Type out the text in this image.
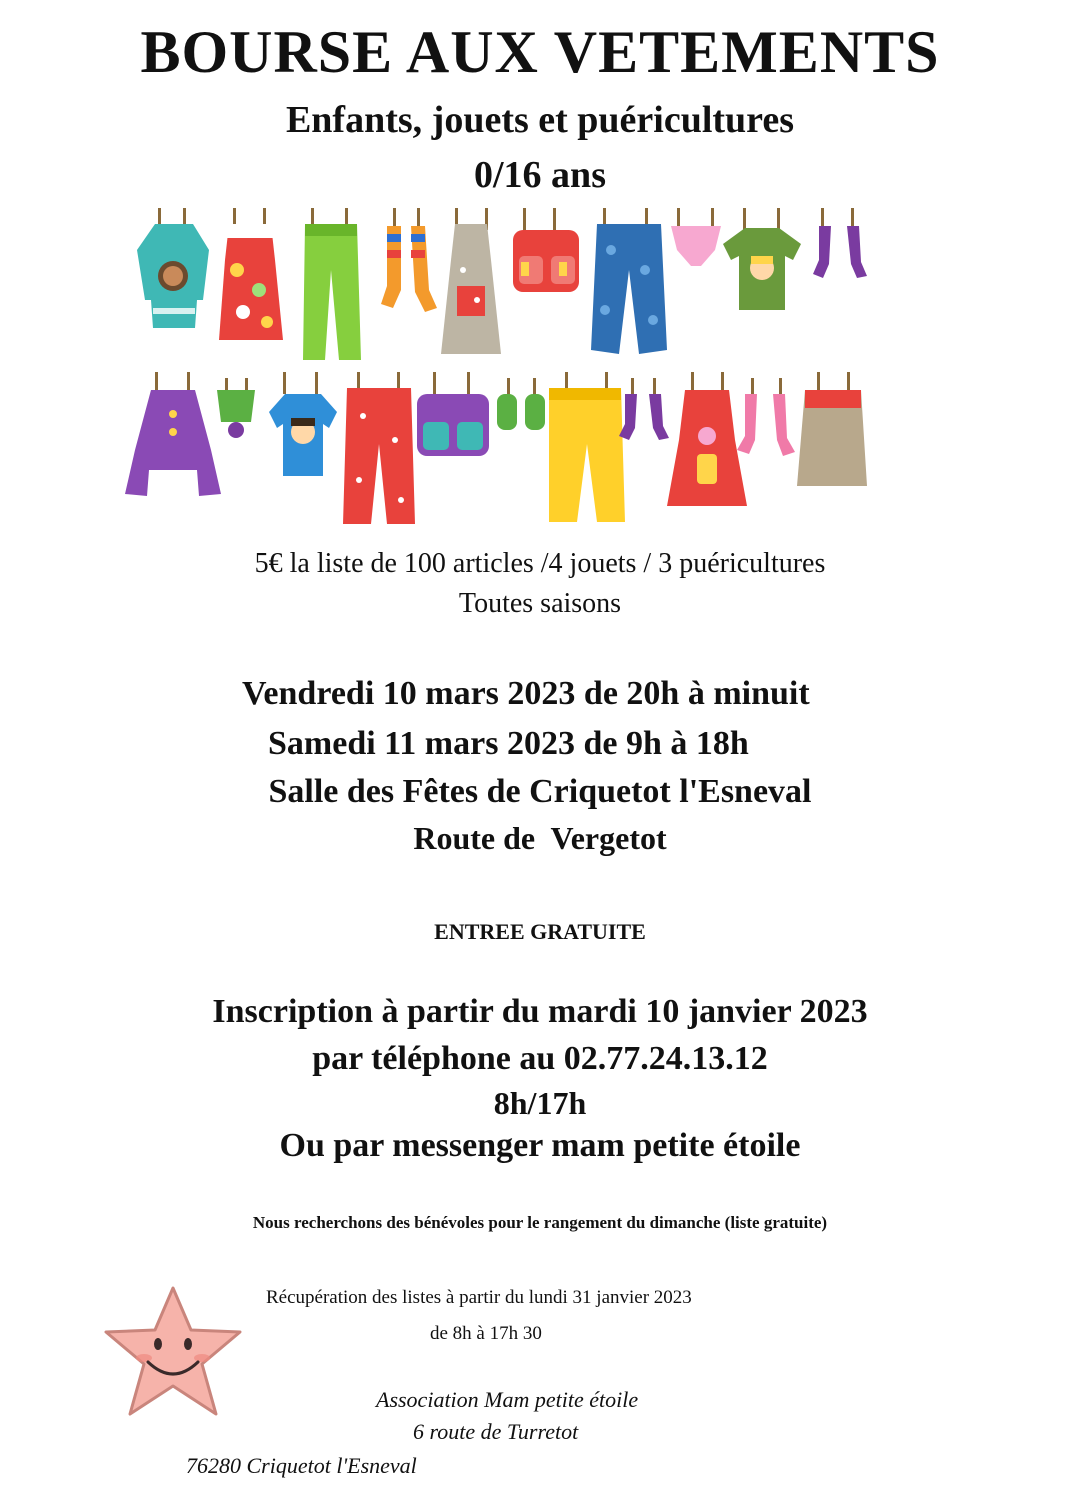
BOURSE AUX VETEMENTS
Enfants, jouets et puéricultures
0/16 ans
5€ la liste de 100 articles /4 jouets / 3 puéricultures
Toutes saisons
Vendredi 10 mars 2023 de 20h à minuit
Samedi 11 mars 2023 de 9h à 18h
Salle des Fêtes de Criquetot l'Esneval
Route de  Vergetot
ENTREE GRATUITE
Inscription à partir du mardi 10 janvier 2023
par téléphone au 02.77.24.13.12
8h/17h
Ou par messenger mam petite étoile
Nous recherchons des bénévoles pour le rangement du dimanche (liste gratuite)
Récupération des listes à partir du lundi 31 janvier 2023
de 8h à 17h 30
Association Mam petite étoile
6 route de Turretot
76280 Criquetot l'Esneval
